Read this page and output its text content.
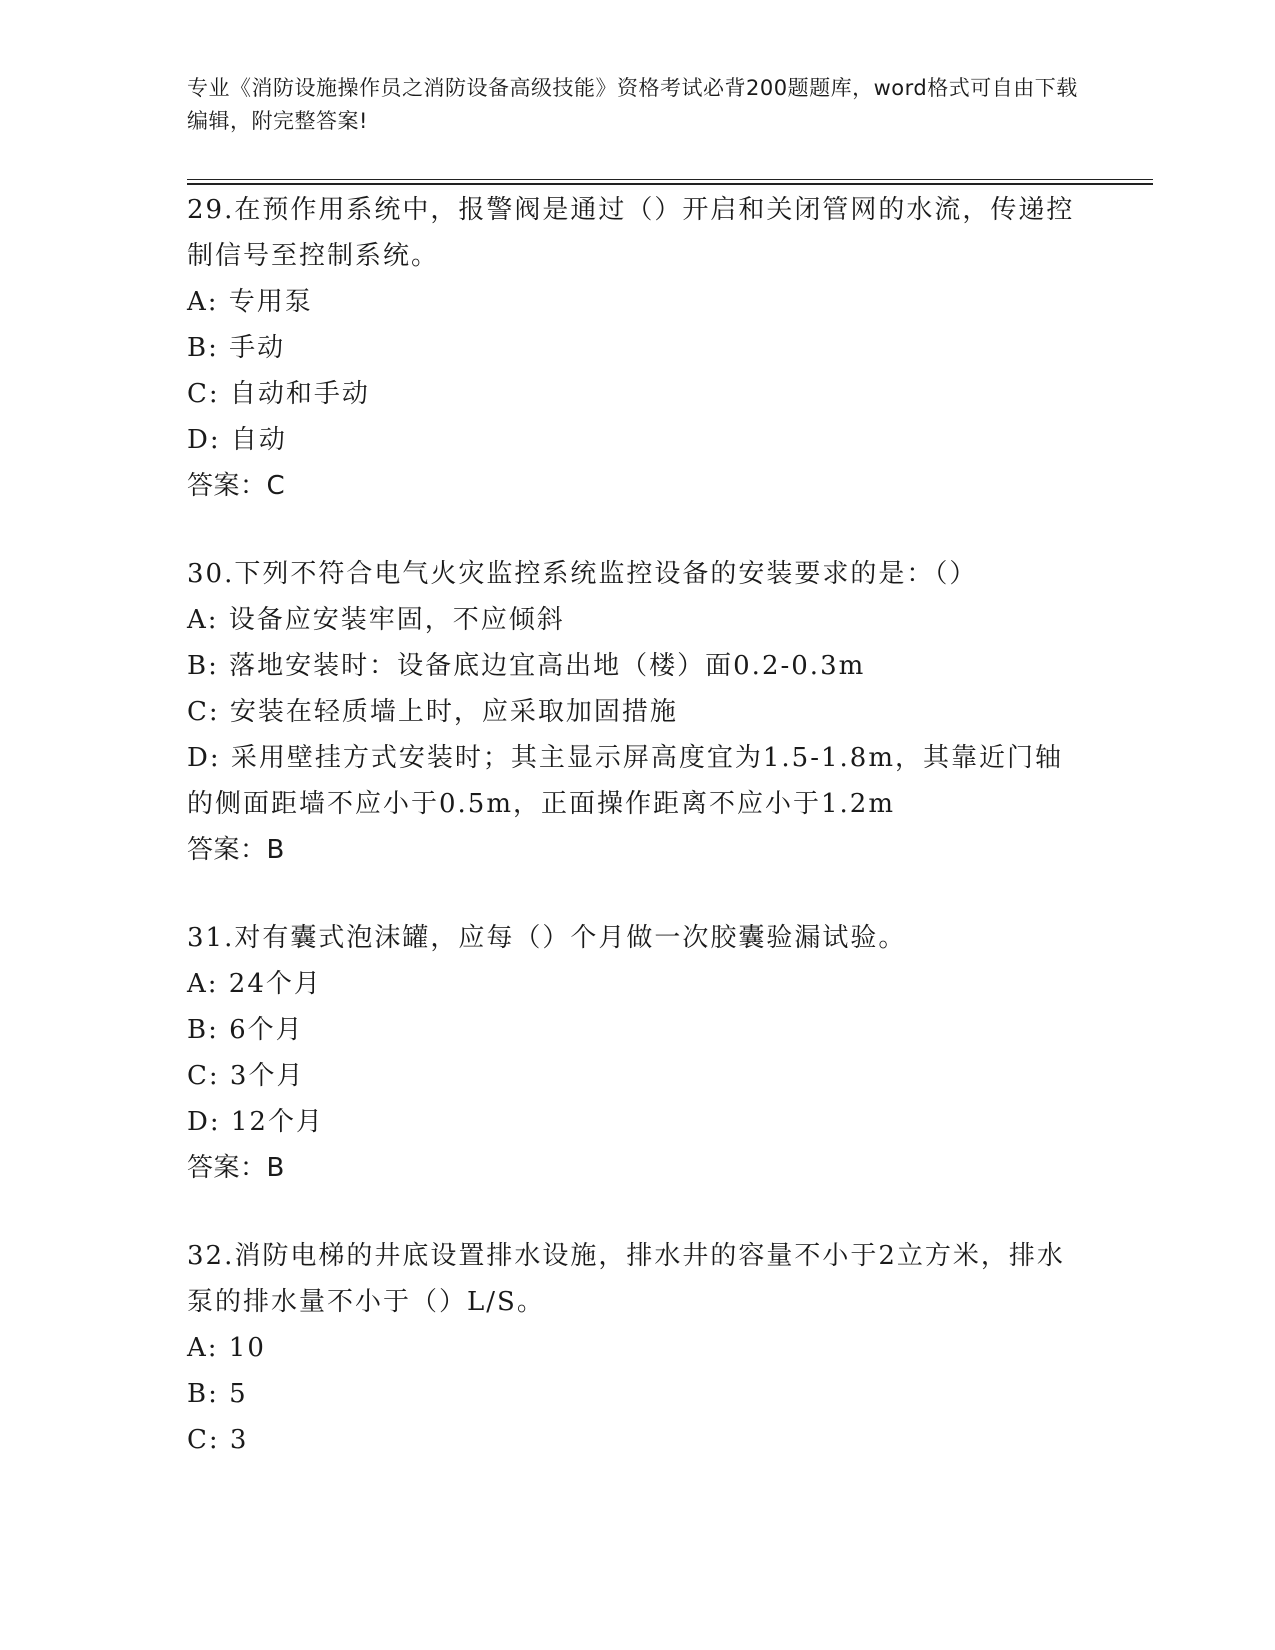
专业《消防设施操作员之消防设备高级技能》资格考试必背200题题库，word格式可自由下载编辑，附完整答案!
29.在预作用系统中，报警阀是通过（）开启和关闭管网的水流，传递控制信号至控制系统。
A: 专用泵
B: 手动
C: 自动和手动
D: 自动
答案：C
30.下列不符合电气火灾监控系统监控设备的安装要求的是：（）
A: 设备应安装牢固，不应倾斜
B: 落地安装时：设备底边宜高出地（楼）面0.2-0.3m
C: 安装在轻质墙上时，应采取加固措施
D: 采用壁挂方式安装时；其主显示屏高度宜为1.5-1.8m，其靠近门轴的侧面距墙不应小于0.5m，正面操作距离不应小于1.2m
答案：B
31.对有囊式泡沫罐，应每（）个月做一次胶囊验漏试验。
A: 24个月
B: 6个月
C: 3个月
D: 12个月
答案：B
32.消防电梯的井底设置排水设施，排水井的容量不小于2立方米，排水泵的排水量不小于（）L/S。
A: 10
B: 5
C: 3
